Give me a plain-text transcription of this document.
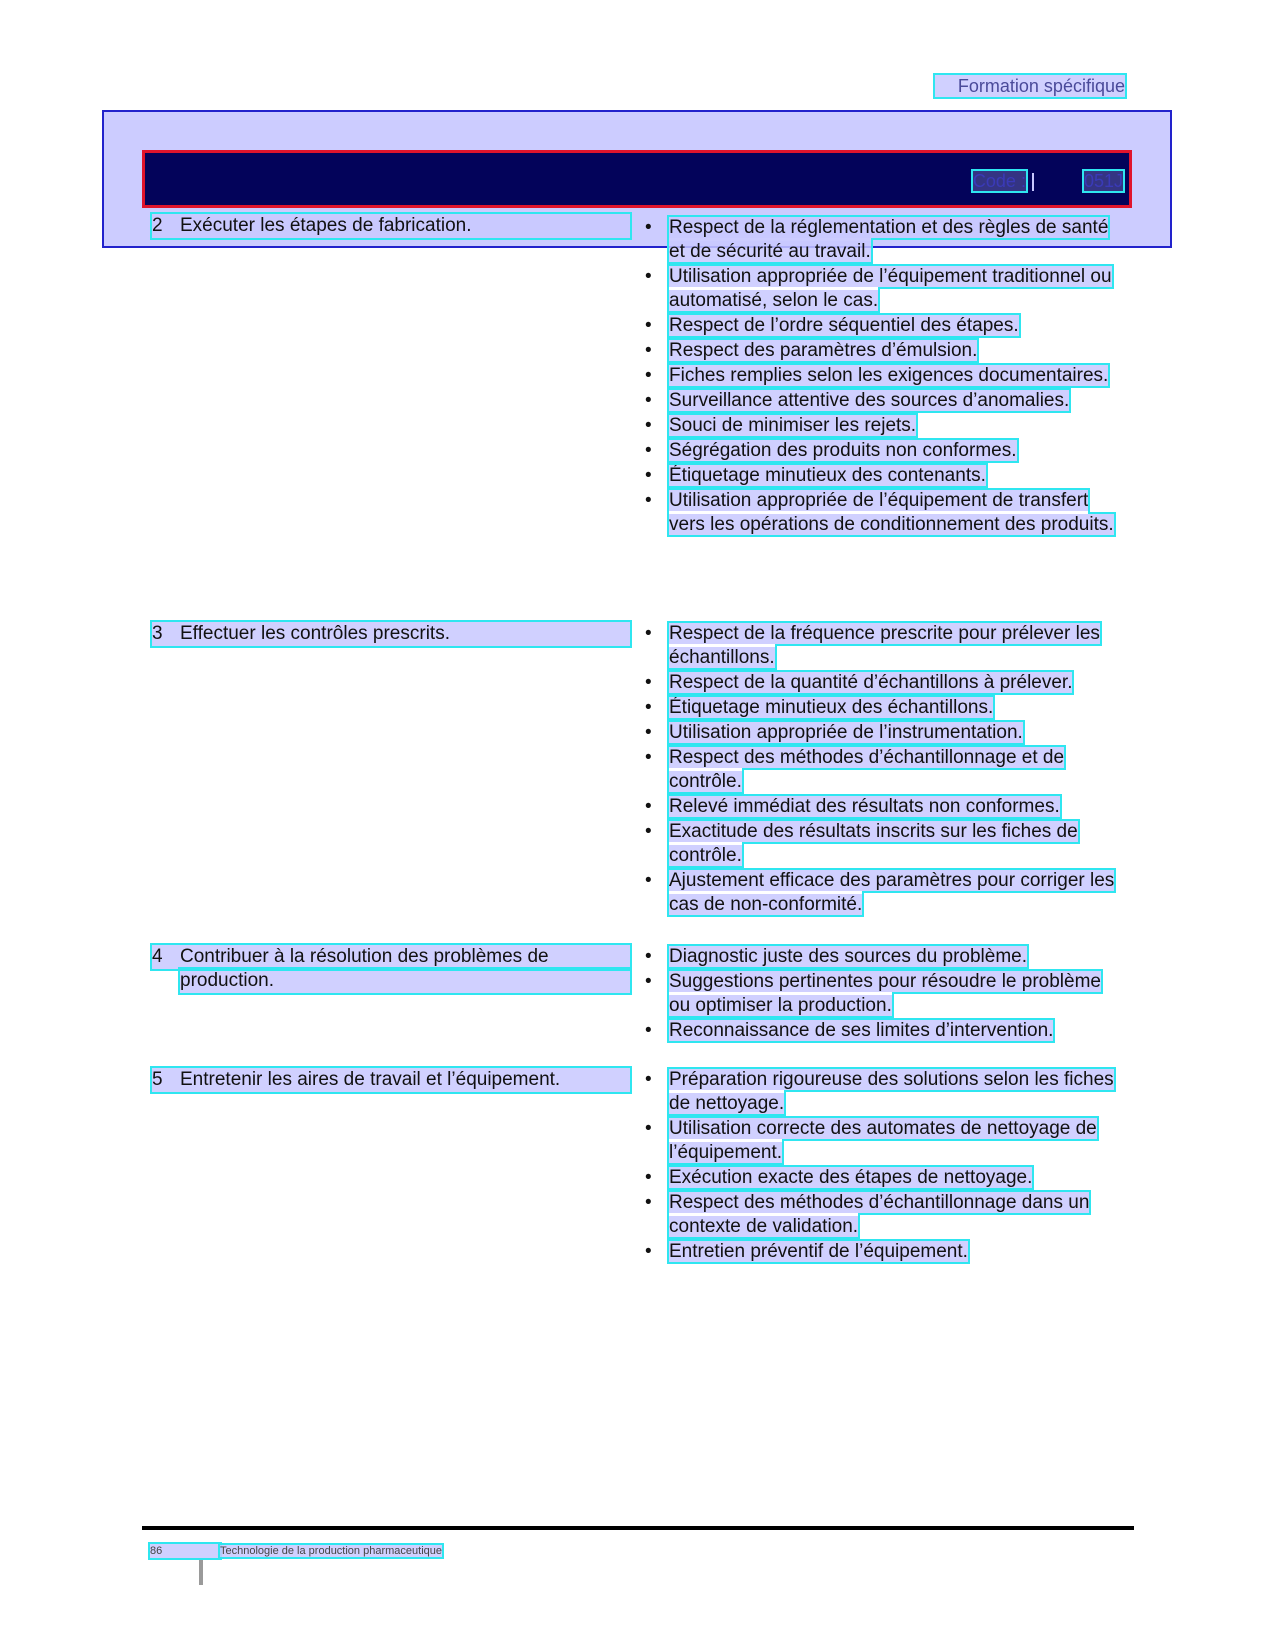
Formation spécifique
Code :	051J
2 Exécuter les étapes de fabrication.	• Respect de la réglementation et des règles de santé et de sécurité au travail.
• Utilisation appropriée de l’équipement traditionnel ou automatisé, selon le cas.
• Respect de l’ordre séquentiel des étapes.
• Respect des paramètres d’émulsion.
• Fiches remplies selon les exigences documentaires.
• Surveillance attentive des sources d’anomalies.
• Souci de minimiser les rejets.
• Ségrégation des produits non conformes.
• Étiquetage minutieux des contenants.
• Utilisation appropriée de l’équipement de transfert vers les opérations de conditionnement des produits.
3 Effectuer les contrôles prescrits.	• Respect de la fréquence prescrite pour prélever les échantillons.
• Respect de la quantité d’échantillons à prélever.
• Étiquetage minutieux des échantillons.
• Utilisation appropriée de l’instrumentation.
• Respect des méthodes d’échantillonnage et de contrôle.
• Relevé immédiat des résultats non conformes.
• Exactitude des résultats inscrits sur les fiches de contrôle.
• Ajustement efficace des paramètres pour corriger les cas de non-conformité.
4 Contribuer à la résolution des problèmes de
production.
• Diagnostic juste des sources du problème.
• Suggestions pertinentes pour résoudre le problème ou optimiser la production.
• Reconnaissance de ses limites d’intervention.
5 Entretenir les aires de travail et l’équipement.	• Préparation rigoureuse des solutions selon les fiches de nettoyage.
• Utilisation correcte des automates de nettoyage de l’équipement.
• Exécution exacte des étapes de nettoyage.
• Respect des méthodes d’échantillonnage dans un contexte de validation.
• Entretien préventif de l’équipement.
86	Technologie de la production pharmaceutique
